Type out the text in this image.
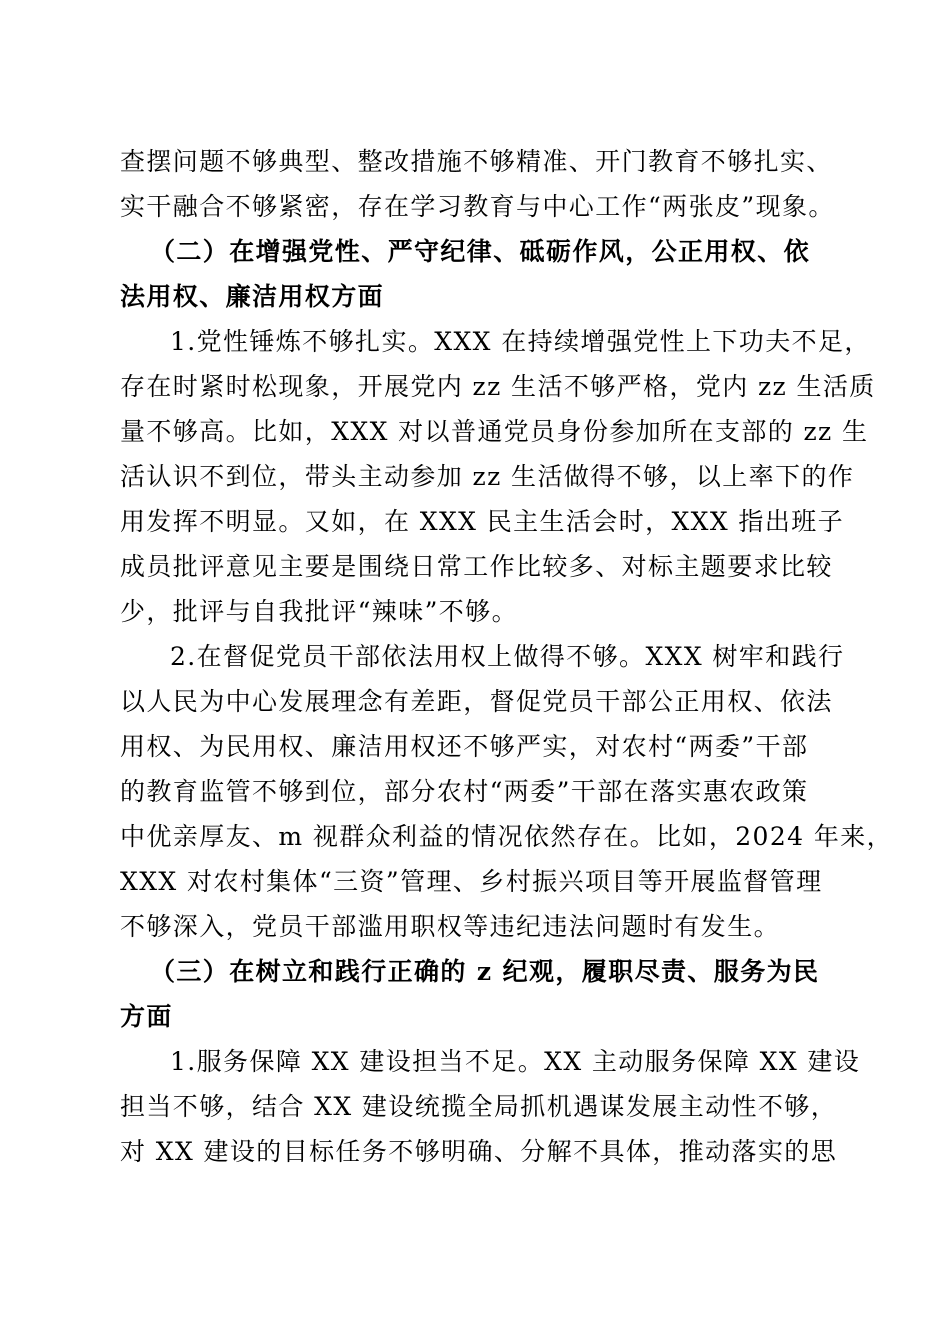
查摆问题不够典型、整改措施不够精准、开门教育不够扎实、
实干融合不够紧密，存在学习教育与中心工作“两张皮”现象。
（二）在增强党性、严守纪律、砥砺作风，公正用权、依
法用权、廉洁用权方面
1.党性锤炼不够扎实。XXX 在持续增强党性上下功夫不足，
存在时紧时松现象，开展党内 zz 生活不够严格，党内 zz 生活质
量不够高。比如，XXX 对以普通党员身份参加所在支部的 zz 生
活认识不到位，带头主动参加 zz 生活做得不够，以上率下的作
用发挥不明显。又如，在 XXX 民主生活会时，XXX 指出班子
成员批评意见主要是围绕日常工作比较多、对标主题要求比较
少，批评与自我批评“辣味”不够。
2.在督促党员干部依法用权上做得不够。XXX 树牢和践行
以人民为中心发展理念有差距，督促党员干部公正用权、依法
用权、为民用权、廉洁用权还不够严实，对农村“两委”干部
的教育监管不够到位，部分农村“两委”干部在落实惠农政策
中优亲厚友、m 视群众利益的情况依然存在。比如，2024 年来，
XXX 对农村集体“三资”管理、乡村振兴项目等开展监督管理
不够深入，党员干部滥用职权等违纪违法问题时有发生。
（三）在树立和践行正确的 z 纪观，履职尽责、服务为民
方面
1.服务保障 XX 建设担当不足。XX 主动服务保障 XX 建设
担当不够，结合 XX 建设统揽全局抓机遇谋发展主动性不够，
对 XX 建设的目标任务不够明确、分解不具体，推动落实的思
